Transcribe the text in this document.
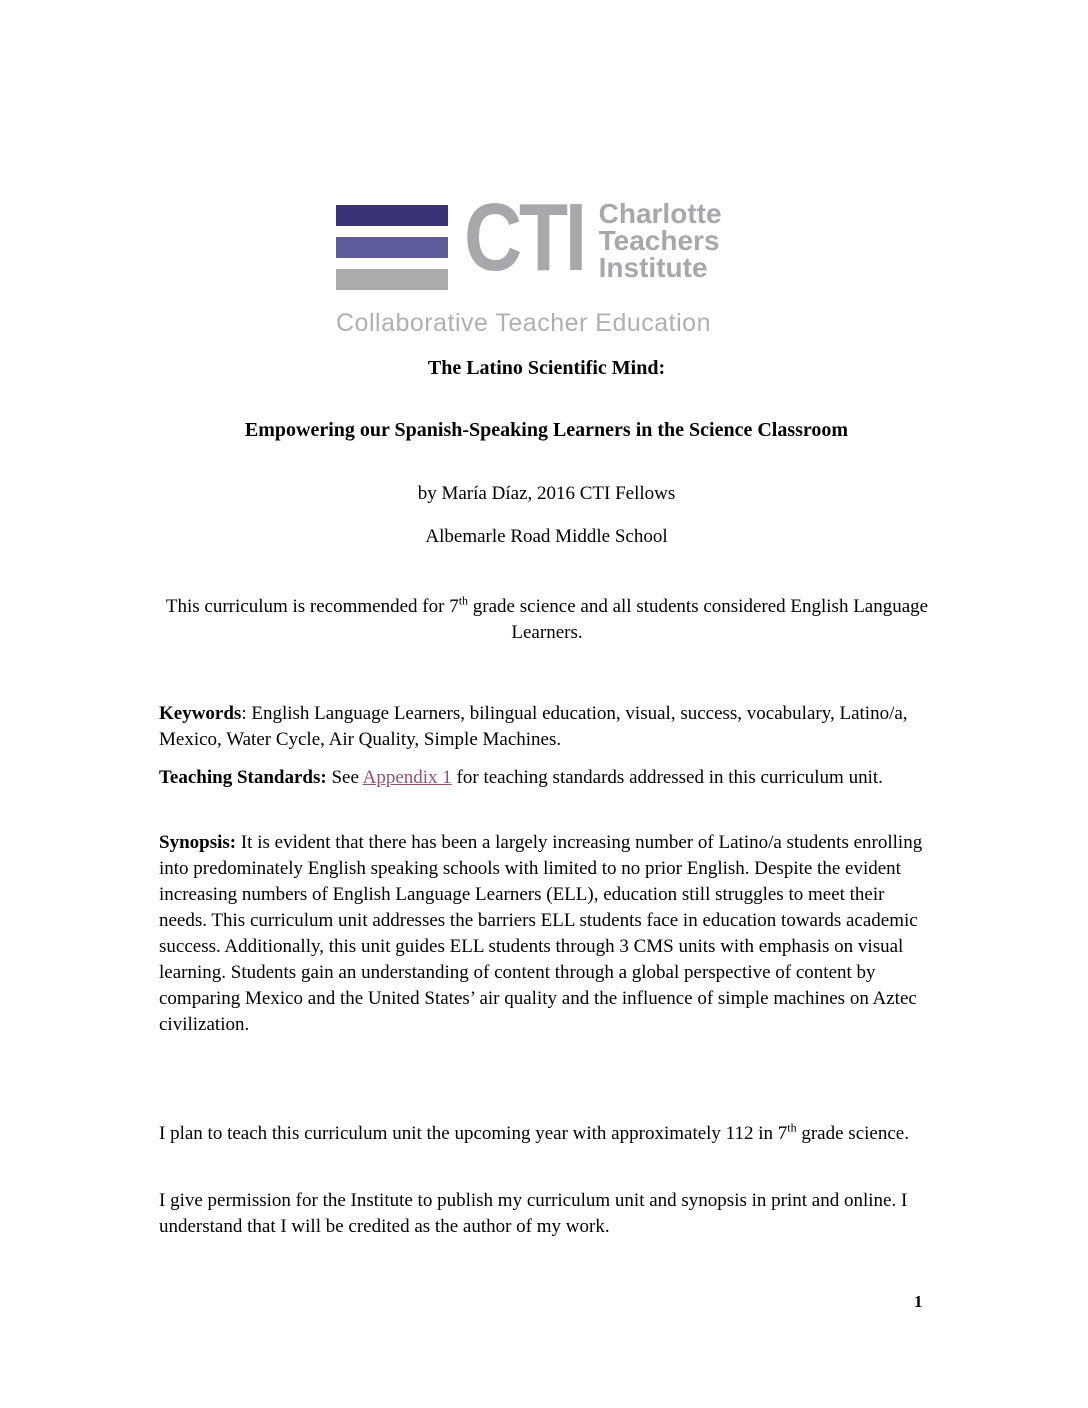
CTI Charlotte
Teachers
Institute
Collaborative Teacher Education
The Latino Scientific Mind:
Empowering our Spanish-Speaking Learners in the Science Classroom
by María Díaz, 2016 CTI Fellows
Albemarle Road Middle School
This curriculum is recommended for 7th grade science and all students considered English Language Learners.
Keywords: English Language Learners, bilingual education, visual, success, vocabulary, Latino/a, Mexico, Water Cycle, Air Quality, Simple Machines.
Teaching Standards: See Appendix 1 for teaching standards addressed in this curriculum unit.
Synopsis: It is evident that there has been a largely increasing number of Latino/a students enrolling into predominately English speaking schools with limited to no prior English. Despite the evident increasing numbers of English Language Learners (ELL), education still struggles to meet their needs. This curriculum unit addresses the barriers ELL students face in education towards academic success. Additionally, this unit guides ELL students through 3 CMS units with emphasis on visual learning. Students gain an understanding of content through a global perspective of content by comparing Mexico and the United States’ air quality and the influence of simple machines on Aztec civilization.
I plan to teach this curriculum unit the upcoming year with approximately 112 in 7th grade science.
I give permission for the Institute to publish my curriculum unit and synopsis in print and online. I understand that I will be credited as the author of my work.
1
